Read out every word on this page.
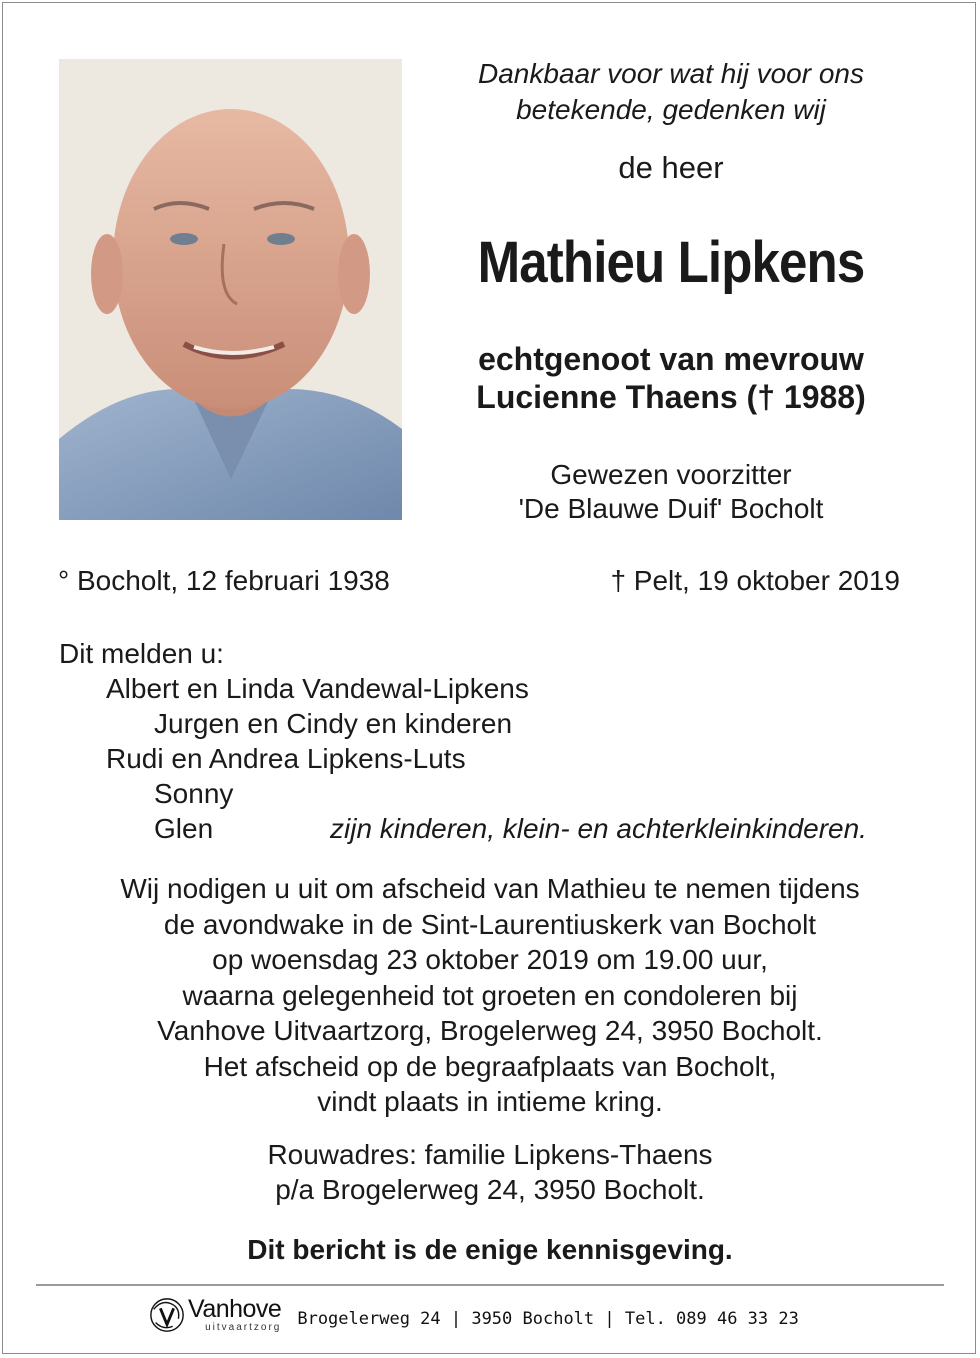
Dankbaar voor wat hij voor ons
betekende, gedenken wij
de heer
Mathieu Lipkens
echtgenoot van mevrouw
Lucienne Thaens († 1988)
Gewezen voorzitter
'De Blauwe Duif' Bocholt
° Bocholt, 12 februari 1938	† Pelt, 19 oktober 2019
Dit melden u:
Albert en Linda Vandewal-Lipkens
Jurgen en Cindy en kinderen
Rudi en Andrea Lipkens-Luts
Sonny
Glen	zijn kinderen, klein- en achterkleinkinderen.
Wij nodigen u uit om afscheid van Mathieu te nemen tijdens
de avondwake in de Sint-Laurentiuskerk van Bocholt
op woensdag 23 oktober 2019 om 19.00 uur,
waarna gelegenheid tot groeten en condoleren bij
Vanhove Uitvaartzorg, Brogelerweg 24, 3950 Bocholt.
Het afscheid op de begraafplaats van Bocholt,
vindt plaats in intieme kring.
Rouwadres: familie Lipkens-Thaens
p/a Brogelerweg 24, 3950 Bocholt.
Dit bericht is de enige kennisgeving.
Vanhove
uitvaartzorg Brogelerweg 24 | 3950 Bocholt | Tel. 089 46 33 23
